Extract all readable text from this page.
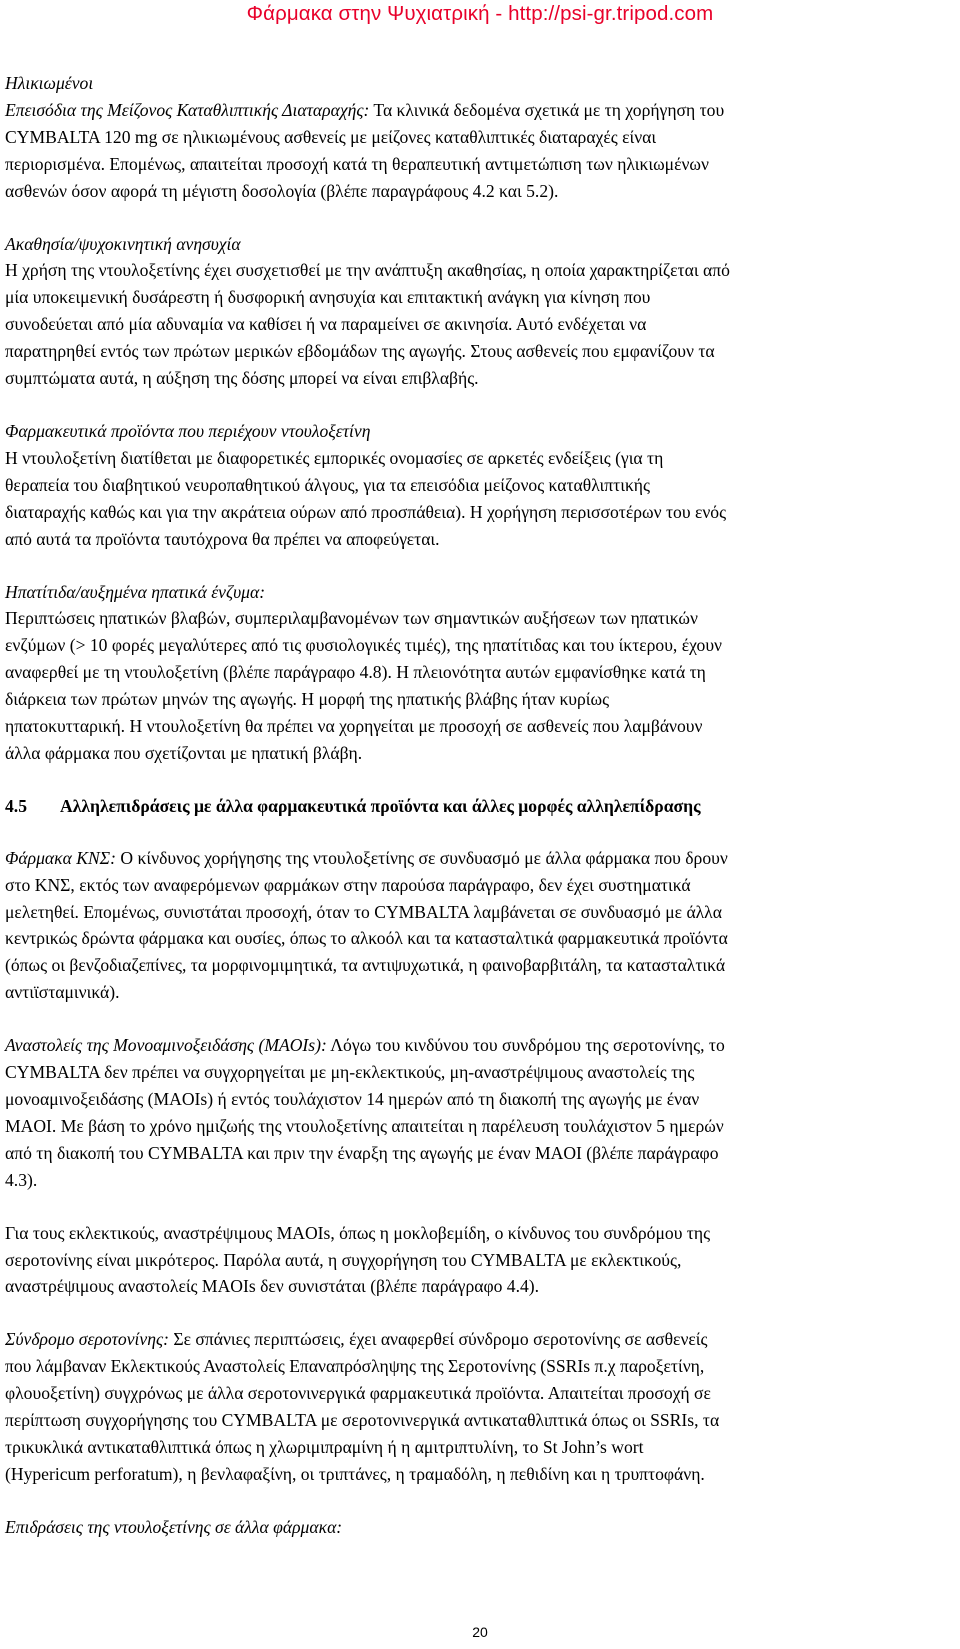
Φάρμακα στην Ψυχιατρική - http://psi-gr.tripod.com
Ηλικιωμένοι
Επεισόδια της Μείζονος Καταθλιπτικής Διαταραχής: Τα κλινικά δεδομένα σχετικά με τη χορήγηση του
CYMBALTA 120 mg σε ηλικιωμένους ασθενείς με μείζονες καταθλιπτικές διαταραχές είναι
περιορισμένα. Επομένως, απαιτείται προσοχή κατά τη θεραπευτική αντιμετώπιση των ηλικιωμένων
ασθενών όσον αφορά τη μέγιστη δοσολογία (βλέπε παραγράφους 4.2 και 5.2).
Ακαθησία/ψυχοκινητική ανησυχία
Η χρήση της ντουλοξετίνης έχει συσχετισθεί με την ανάπτυξη ακαθησίας, η οποία χαρακτηρίζεται από
μία υποκειμενική δυσάρεστη ή δυσφορική ανησυχία και επιτακτική ανάγκη για κίνηση που
συνοδεύεται από μία αδυναμία να καθίσει ή να παραμείνει σε ακινησία. Αυτό ενδέχεται να
παρατηρηθεί εντός των πρώτων μερικών εβδομάδων της αγωγής. Στους ασθενείς που εμφανίζουν τα
συμπτώματα αυτά, η αύξηση της δόσης μπορεί να είναι επιβλαβής.
Φαρμακευτικά προϊόντα που περιέχουν ντουλοξετίνη
Η ντουλοξετίνη διατίθεται με διαφορετικές εμπορικές ονομασίες σε αρκετές ενδείξεις (για τη
θεραπεία του διαβητικού νευροπαθητικού άλγους, για τα επεισόδια μείζονος καταθλιπτικής
διαταραχής καθώς και για την ακράτεια ούρων από προσπάθεια). Η χορήγηση περισσοτέρων του ενός
από αυτά τα προϊόντα ταυτόχρονα θα πρέπει να αποφεύγεται.
Ηπατίτιδα/αυξημένα ηπατικά ένζυμα:
Περιπτώσεις ηπατικών βλαβών, συμπεριλαμβανομένων των σημαντικών αυξήσεων των ηπατικών
ενζύμων (> 10 φορές μεγαλύτερες από τις φυσιολογικές τιμές), της ηπατίτιδας και του ίκτερου, έχουν
αναφερθεί με τη ντουλοξετίνη (βλέπε παράγραφο 4.8). Η πλειονότητα αυτών εμφανίσθηκε κατά τη
διάρκεια των πρώτων μηνών της αγωγής. Η μορφή της ηπατικής βλάβης ήταν κυρίως
ηπατοκυτταρική. Η ντουλοξετίνη θα πρέπει να χορηγείται με προσοχή σε ασθενείς που λαμβάνουν
άλλα φάρμακα που σχετίζονται με ηπατική βλάβη.
4.5 Αλληλεπιδράσεις με άλλα φαρμακευτικά προϊόντα και άλλες μορφές αλληλεπίδρασης
Φάρμακα ΚΝΣ: Ο κίνδυνος χορήγησης της ντουλοξετίνης σε συνδυασμό με άλλα φάρμακα που δρουν
στο ΚΝΣ, εκτός των αναφερόμενων φαρμάκων στην παρούσα παράγραφο, δεν έχει συστηματικά
μελετηθεί. Επομένως, συνιστάται προσοχή, όταν το CYMBALTA λαμβάνεται σε συνδυασμό με άλλα
κεντρικώς δρώντα φάρμακα και ουσίες, όπως το αλκοόλ και τα κατασταλτικά φαρμακευτικά προϊόντα
(όπως οι βενζοδιαζεπίνες, τα μορφινομιμητικά, τα αντιψυχωτικά, η φαινοβαρβιτάλη, τα κατασταλτικά
αντιϊσταμινικά).
Αναστολείς της Μονοαμινοξειδάσης (MAOIs): Λόγω του κινδύνου του συνδρόμου της σεροτονίνης, το
CYMBALTA δεν πρέπει να συγχορηγείται με μη-εκλεκτικούς, μη-αναστρέψιμους αναστολείς της
μονοαμινοξειδάσης (MAOIs) ή εντός τουλάχιστον 14 ημερών από τη διακοπή της αγωγής με έναν
MAOI. Με βάση το χρόνο ημιζωής της ντουλοξετίνης απαιτείται η παρέλευση τουλάχιστον 5 ημερών
από τη διακοπή του CYMBALTA και πριν την έναρξη της αγωγής με έναν MAOI (βλέπε παράγραφο
4.3).
Για τους εκλεκτικούς, αναστρέψιμους MAOIs, όπως η μοκλοβεμίδη, ο κίνδυνος του συνδρόμου της
σεροτονίνης είναι μικρότερος. Παρόλα αυτά, η συγχορήγηση του CYMBALTA με εκλεκτικούς,
αναστρέψιμους αναστολείς MAOIs δεν συνιστάται (βλέπε παράγραφο 4.4).
Σύνδρομο σεροτονίνης: Σε σπάνιες περιπτώσεις, έχει αναφερθεί σύνδρομο σεροτονίνης σε ασθενείς
που λάμβαναν Εκλεκτικούς Αναστολείς Επαναπρόσληψης της Σεροτονίνης (SSRIs π.χ παροξετίνη,
φλουοξετίνη) συγχρόνως με άλλα σεροτονινεργικά φαρμακευτικά προϊόντα. Απαιτείται προσοχή σε
περίπτωση συγχορήγησης του CYMBALTA με σεροτονινεργικά αντικαταθλιπτικά όπως οι SSRIs, τα
τρικυκλικά αντικαταθλιπτικά όπως η χλωριμιπραμίνη ή η αμιτριπτυλίνη, το St John’s wort
(Hypericum perforatum), η βενλαφαξίνη, οι τριπτάνες, η τραμαδόλη, η πεθιδίνη και η τρυπτοφάνη.
Επιδράσεις της ντουλοξετίνης σε άλλα φάρμακα:
20
